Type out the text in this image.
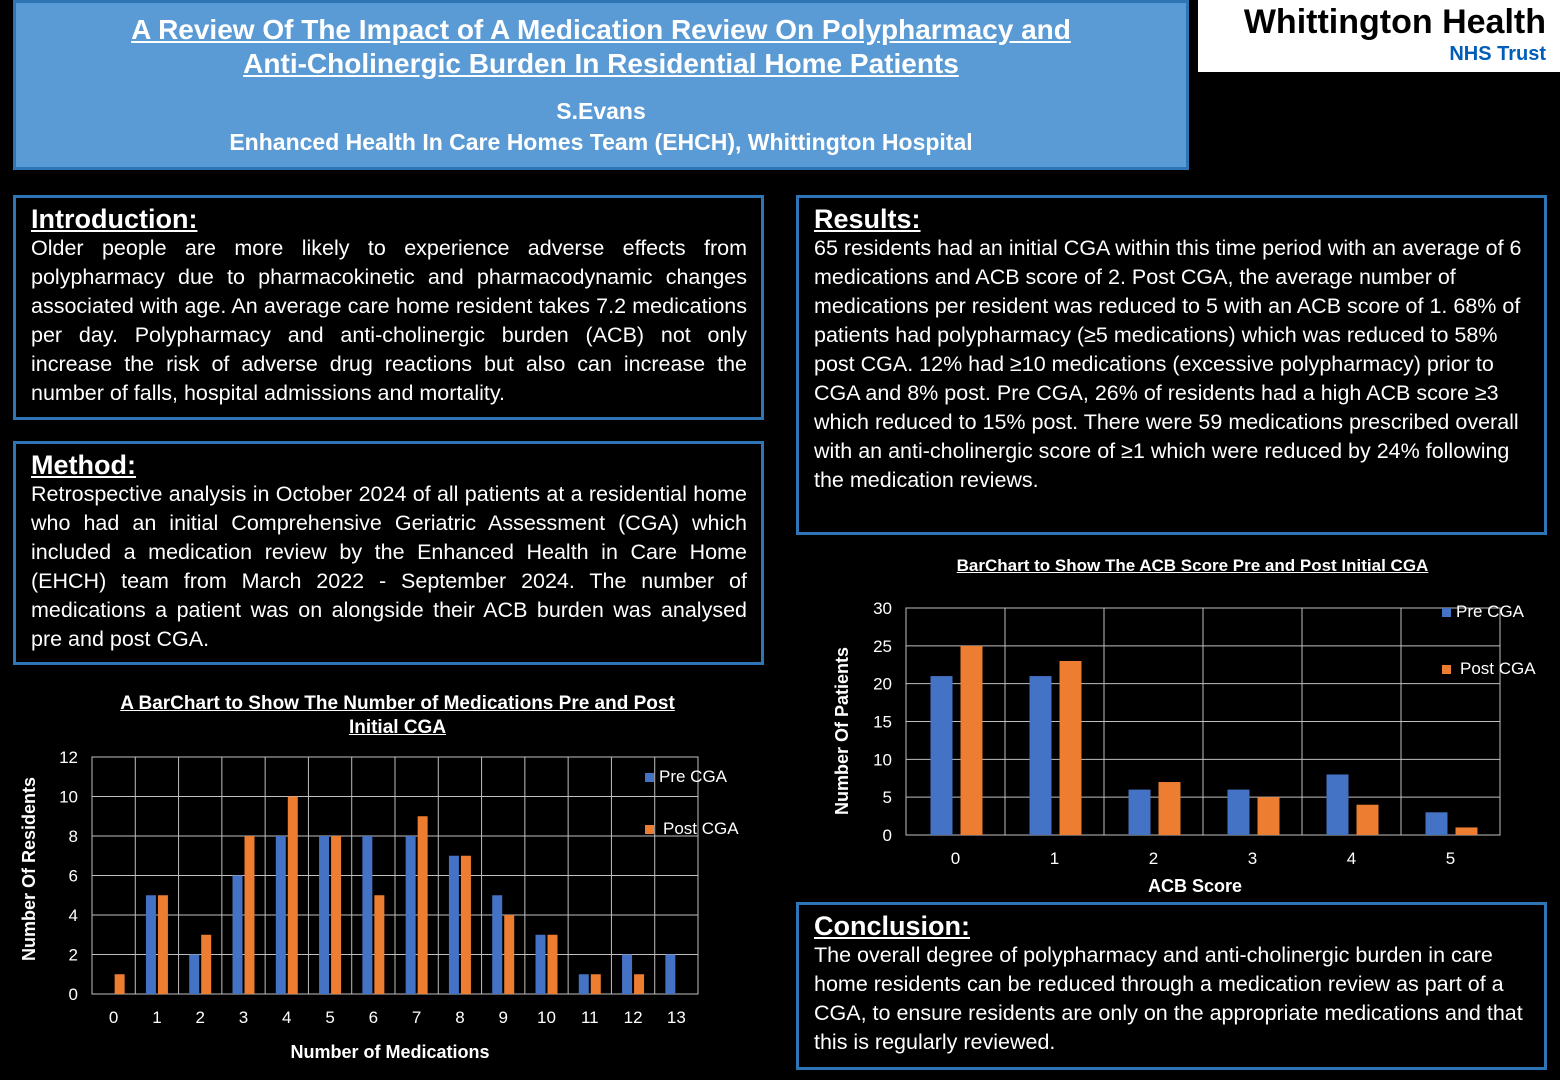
A Review Of The Impact of A Medication Review On Polypharmacy and
Anti-Cholinergic Burden In Residential Home Patients
S.Evans
Enhanced Health In Care Homes Team (EHCH), Whittington Hospital
Whittington Health
NHS Trust
Introduction:
Older people are more likely to experience adverse effects from polypharmacy due to pharmacokinetic and pharmacodynamic changes associated with age. An average care home resident takes 7.2 medications per day. Polypharmacy and anti-cholinergic burden (ACB) not only increase the risk of adverse drug reactions but also can increase the number of falls, hospital admissions and mortality.
Method:
Retrospective analysis in October 2024 of all patients at a residential home who had an initial Comprehensive Geriatric Assessment (CGA) which included a medication review by the Enhanced Health in Care Home (EHCH) team from March 2022 - September 2024. The number of medications a patient was on alongside their ACB burden was analysed pre and post CGA.
Results:
65 residents had an initial CGA within this time period with an average of 6 medications and ACB score of 2. Post CGA, the average number of medications per resident was reduced to 5 with an ACB score of 1. 68% of patients had polypharmacy (≥5 medications) which was reduced to 58% post CGA. 12% had ≥10 medications (excessive polypharmacy) prior to CGA and 8% post. Pre CGA, 26% of residents had a high ACB score ≥3 which reduced to 15% post. There were 59 medications prescribed overall with an anti-cholinergic score of ≥1 which were reduced by 24% following the medication reviews.
Conclusion:
The overall degree of polypharmacy and anti-cholinergic burden in care home residents can be reduced through a medication review as part of a CGA, to ensure residents are only on the appropriate medications and that this is regularly reviewed.
A BarChart to Show The Number of Medications Pre and Post
Initial CGA
Number Of Residents
Number of Medications
0
2
4
6
8
10
12
0 1 2 3 4 5 6 7 8 9 10 11 12 13
Pre CGA
Post CGA
BarChart to Show The ACB Score Pre and Post Initial CGA
Number Of Patients
ACB Score
0
5
10
15
20
25
30
0	1	2	3	4	5
Pre CGA
Post CGA
